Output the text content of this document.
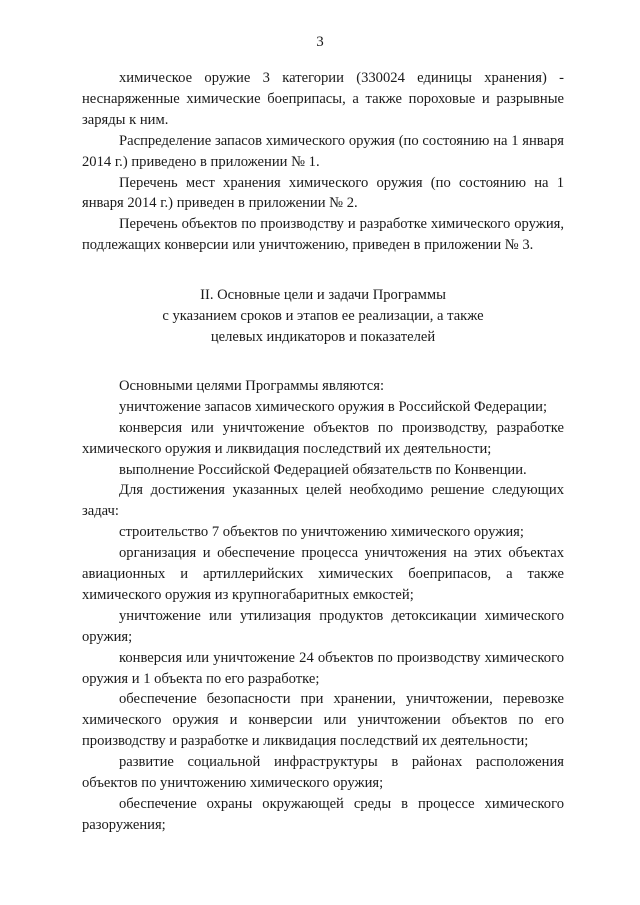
3

химическое оружие 3 категории (330024 единицы хранения) - неснаряженные химические боеприпасы, а также пороховые и разрывные заряды к ним.

Распределение запасов химического оружия (по состоянию на 1 января 2014 г.) приведено в приложении № 1.

Перечень мест хранения химического оружия (по состоянию на 1 января 2014 г.) приведен в приложении № 2.

Перечень объектов по производству и разработке химического оружия, подлежащих конверсии или уничтожению, приведен в приложении № 3.

II. Основные цели и задачи Программы
с указанием сроков и этапов ее реализации, а также
целевых индикаторов и показателей

Основными целями Программы являются:

уничтожение запасов химического оружия в Российской Федерации;

конверсия или уничтожение объектов по производству, разработке химического оружия и ликвидация последствий их деятельности;

выполнение Российской Федерацией обязательств по Конвенции.

Для достижения указанных целей необходимо решение следующих задач:

строительство 7 объектов по уничтожению химического оружия;

организация и обеспечение процесса уничтожения на этих объектах авиационных и артиллерийских химических боеприпасов, а также химического оружия из крупногабаритных емкостей;

уничтожение или утилизация продуктов детоксикации химического оружия;

конверсия или уничтожение 24 объектов по производству химического оружия и 1 объекта по его разработке;

обеспечение безопасности при хранении, уничтожении, перевозке химического оружия и конверсии или уничтожении объектов по его производству и разработке и ликвидация последствий их деятельности;

развитие социальной инфраструктуры в районах расположения объектов по уничтожению химического оружия;

обеспечение охраны окружающей среды в процессе химического разоружения;
